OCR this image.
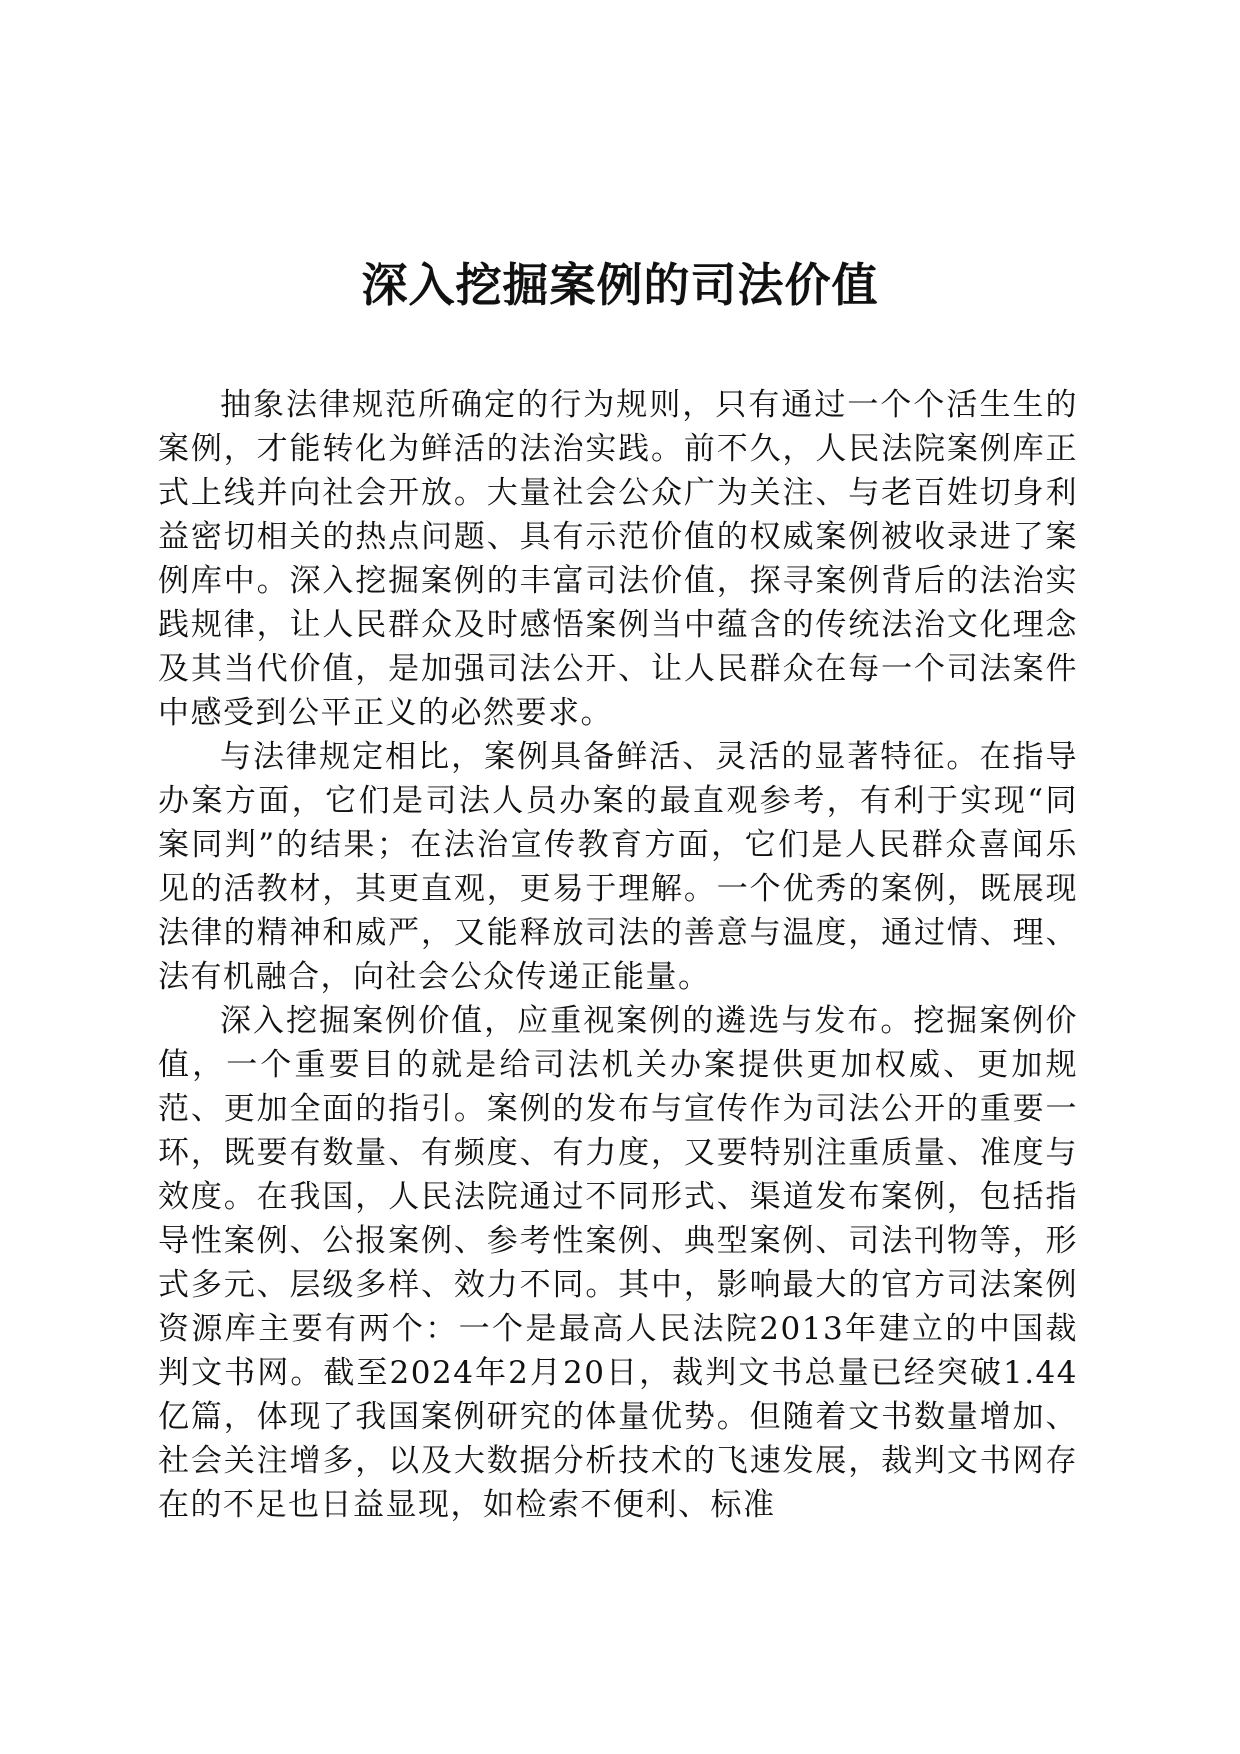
深入挖掘案例的司法价值

抽象法律规范所确定的行为规则，只有通过一个个活生生的案例，才能转化为鲜活的法治实践。前不久，人民法院案例库正式上线并向社会开放。大量社会公众广为关注、与老百姓切身利益密切相关的热点问题、具有示范价值的权威案例被收录进了案例库中。深入挖掘案例的丰富司法价值，探寻案例背后的法治实践规律，让人民群众及时感悟案例当中蕴含的传统法治文化理念及其当代价值，是加强司法公开、让人民群众在每一个司法案件中感受到公平正义的必然要求。

与法律规定相比，案例具备鲜活、灵活的显著特征。在指导办案方面，它们是司法人员办案的最直观参考，有利于实现“同案同判”的结果；在法治宣传教育方面，它们是人民群众喜闻乐见的活教材，其更直观，更易于理解。一个优秀的案例，既展现法律的精神和威严，又能释放司法的善意与温度，通过情、理、法有机融合，向社会公众传递正能量。

深入挖掘案例价值，应重视案例的遴选与发布。挖掘案例价值，一个重要目的就是给司法机关办案提供更加权威、更加规范、更加全面的指引。案例的发布与宣传作为司法公开的重要一环，既要有数量、有频度、有力度，又要特别注重质量、准度与效度。在我国，人民法院通过不同形式、渠道发布案例，包括指导性案例、公报案例、参考性案例、典型案例、司法刊物等，形式多元、层级多样、效力不同。其中，影响最大的官方司法案例资源库主要有两个：一个是最高人民法院2013年建立的中国裁判文书网。截至2024年2月20日，裁判文书总量已经突破1.44亿篇，体现了我国案例研究的体量优势。但随着文书数量增加、社会关注增多，以及大数据分析技术的飞速发展，裁判文书网存在的不足也日益显现，如检索不便利、标准
